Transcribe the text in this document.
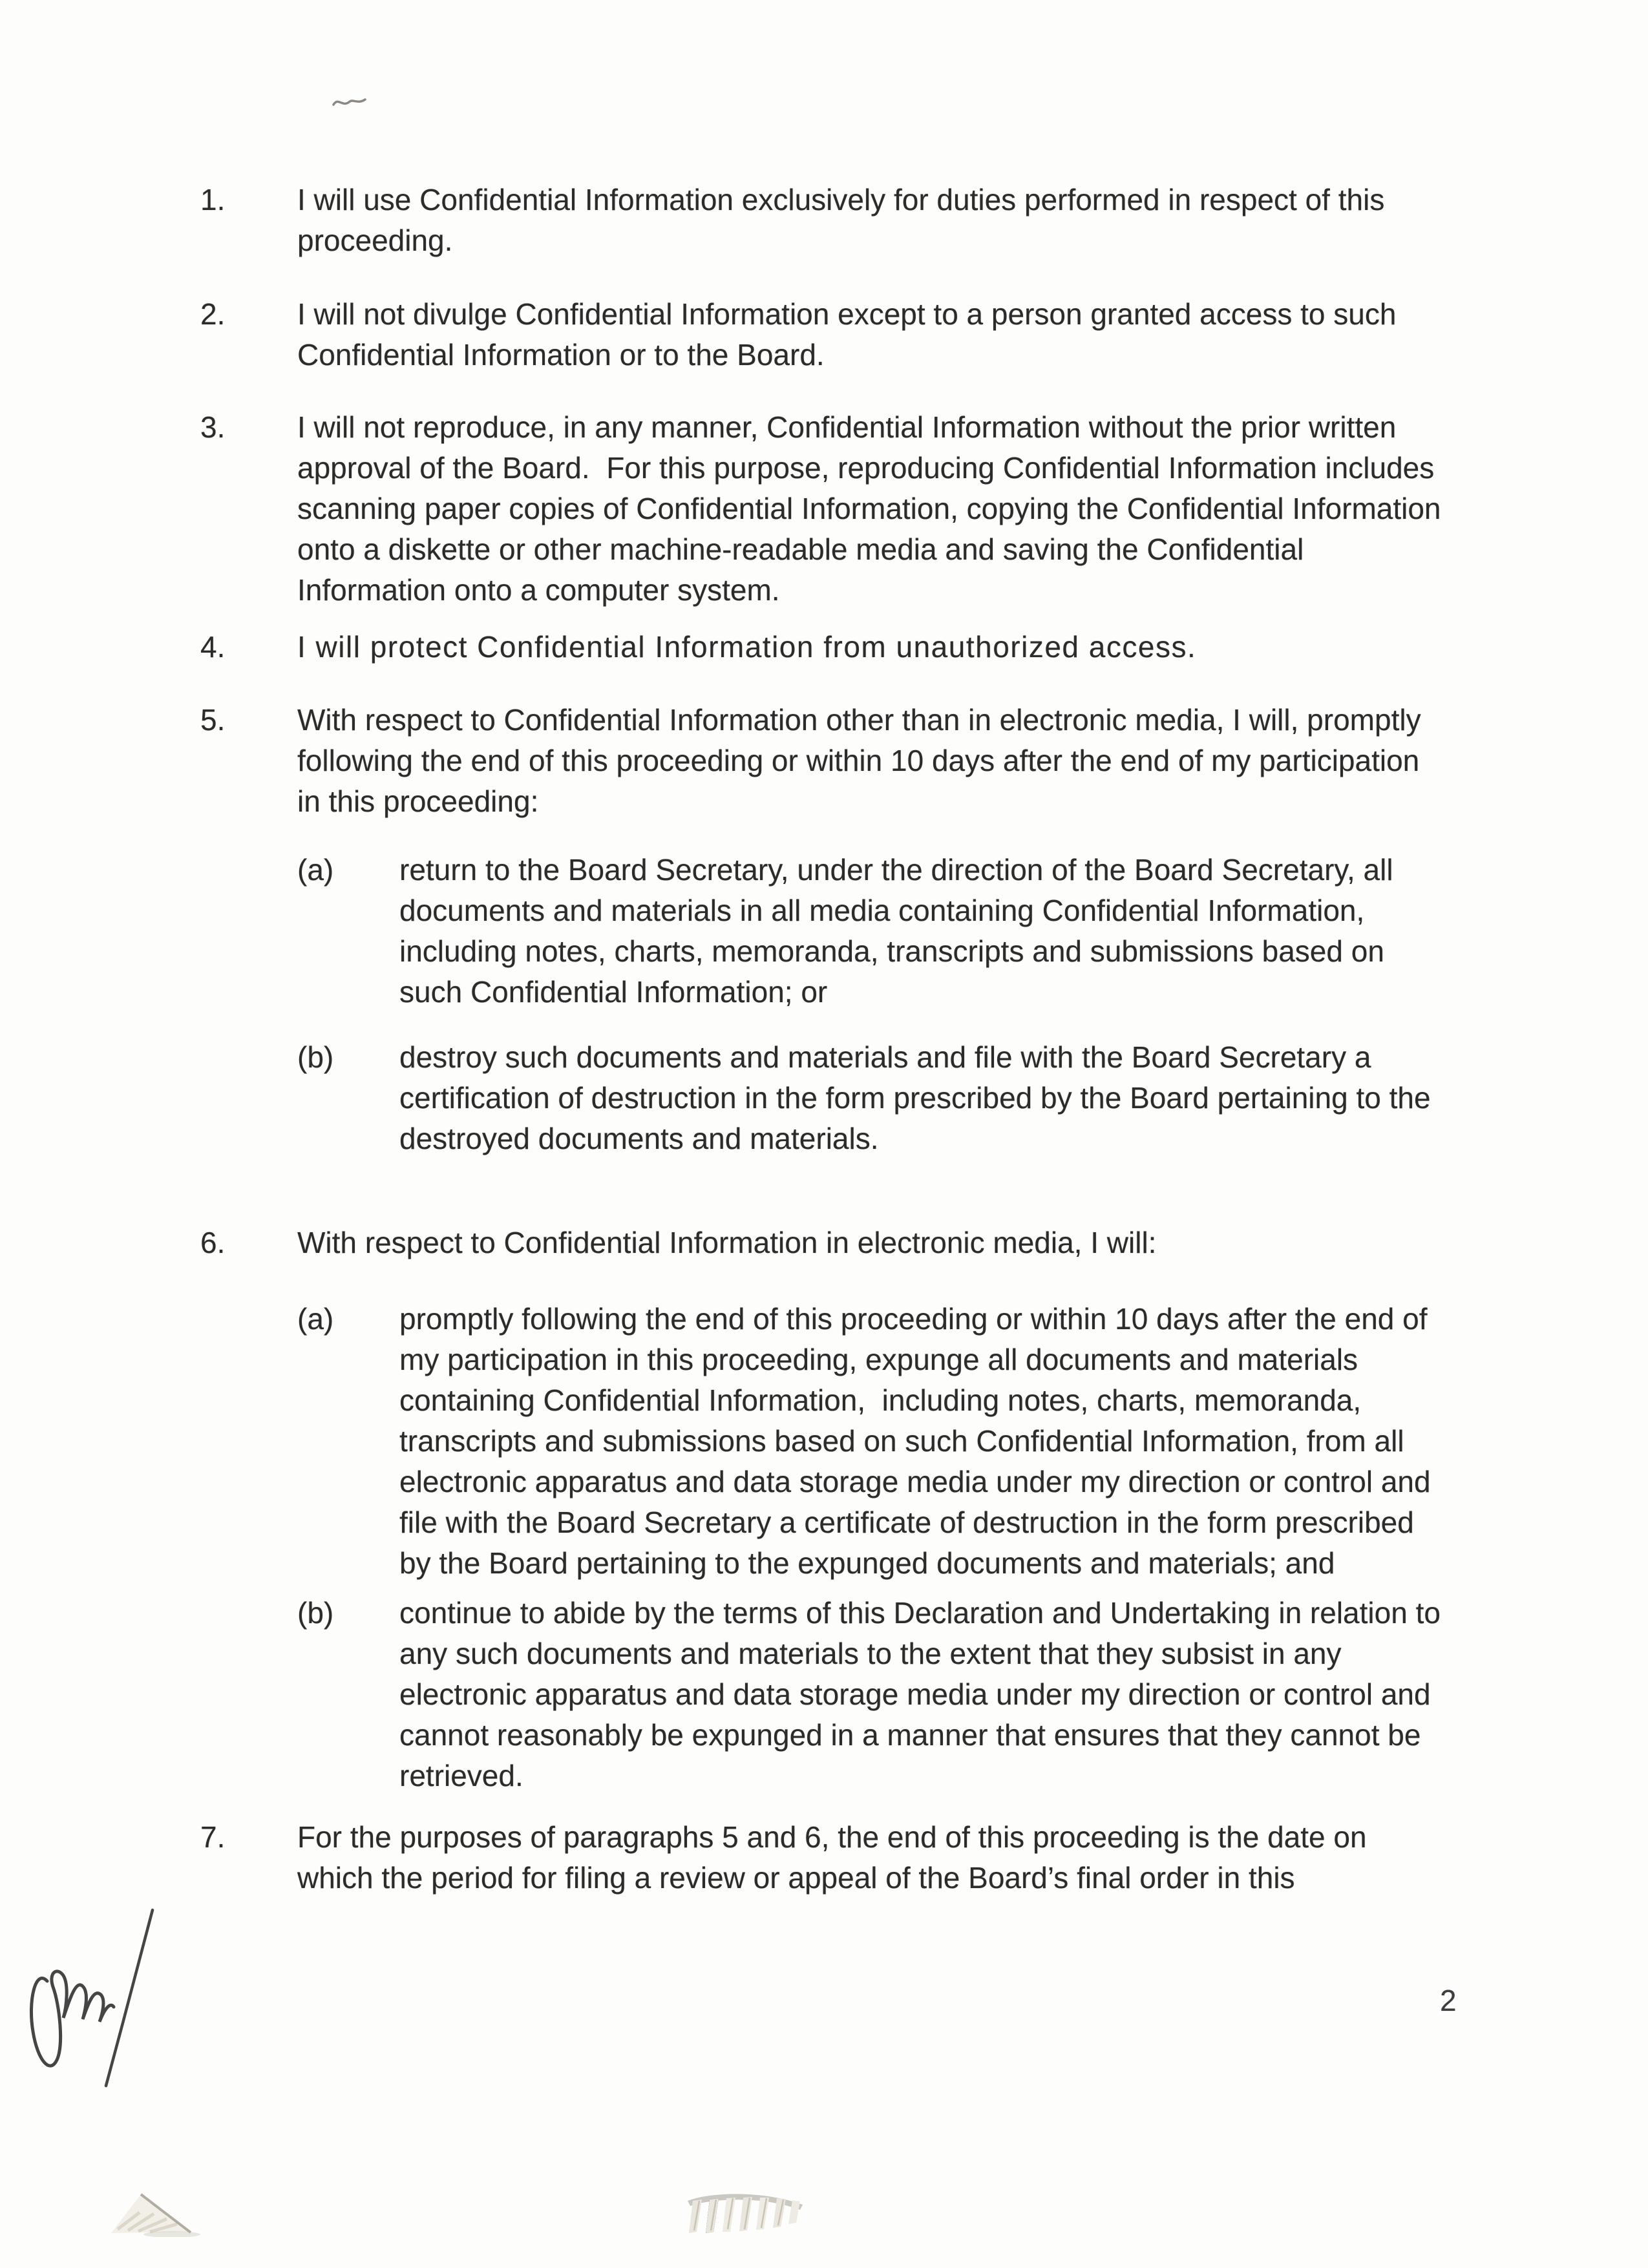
1.	I will use Confidential Information exclusively for duties performed in respect of this
proceeding.
2.	I will not divulge Confidential Information except to a person granted access to such
Confidential Information or to the Board.
3.	I will not reproduce, in any manner, Confidential Information without the prior written
approval of the Board.  For this purpose, reproducing Confidential Information includes
scanning paper copies of Confidential Information, copying the Confidential Information
onto a diskette or other machine-readable media and saving the Confidential
Information onto a computer system.
4.	I will protect Confidential Information from unauthorized access.
5.	With respect to Confidential Information other than in electronic media, I will, promptly
following the end of this proceeding or within 10 days after the end of my participation
in this proceeding:
(a)	return to the Board Secretary, under the direction of the Board Secretary, all
documents and materials in all media containing Confidential Information,
including notes, charts, memoranda, transcripts and submissions based on
such Confidential Information; or
(b)	destroy such documents and materials and file with the Board Secretary a
certification of destruction in the form prescribed by the Board pertaining to the
destroyed documents and materials.
6.	With respect to Confidential Information in electronic media, I will:
(a)	promptly following the end of this proceeding or within 10 days after the end of
my participation in this proceeding, expunge all documents and materials
containing Confidential Information,  including notes, charts, memoranda,
transcripts and submissions based on such Confidential Information, from all
electronic apparatus and data storage media under my direction or control and
file with the Board Secretary a certificate of destruction in the form prescribed
by the Board pertaining to the expunged documents and materials; and
(b)	continue to abide by the terms of this Declaration and Undertaking in relation to
any such documents and materials to the extent that they subsist in any
electronic apparatus and data storage media under my direction or control and
cannot reasonably be expunged in a manner that ensures that they cannot be
retrieved.
7.	For the purposes of paragraphs 5 and 6, the end of this proceeding is the date on
which the period for filing a review or appeal of the Board’s final order in this
2
